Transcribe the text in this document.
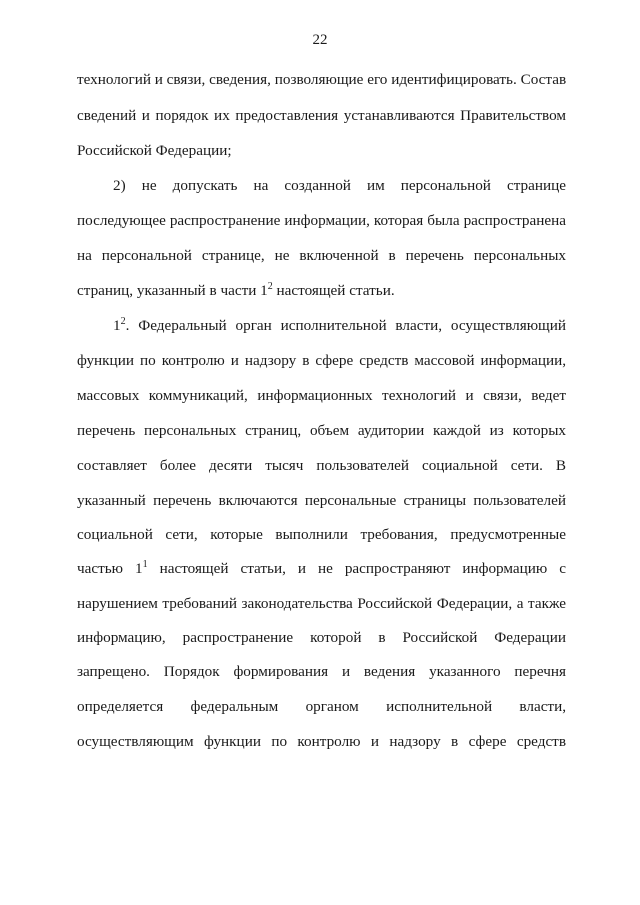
22
технологий и связи, сведения, позволяющие его идентифицировать. Состав
сведений и порядок их предоставления устанавливаются Правительством
Российской Федерации;
2) не допускать на созданной им персональной странице
последующее распространение информации, которая была распространена
на персональной странице, не включенной в перечень персональных
страниц, указанный в части $1^2$ настоящей статьи.
$1^2$. Федеральный орган исполнительной власти, осуществляющий
функции по контролю и надзору в сфере средств массовой информации,
массовых коммуникаций, информационных технологий и связи, ведет
перечень персональных страниц, объем аудитории каждой из которых
составляет более десяти тысяч пользователей социальной сети. В
указанный перечень включаются персональные страницы пользователей
социальной сети, которые выполнили требования, предусмотренные
частью $1^1$ настоящей статьи, и не распространяют информацию с
нарушением требований законодательства Российской Федерации, а также
информацию, распространение которой в Российской Федерации
запрещено. Порядок формирования и ведения указанного перечня
определяется федеральным органом исполнительной власти,
осуществляющим функции по контролю и надзору в сфере средств
